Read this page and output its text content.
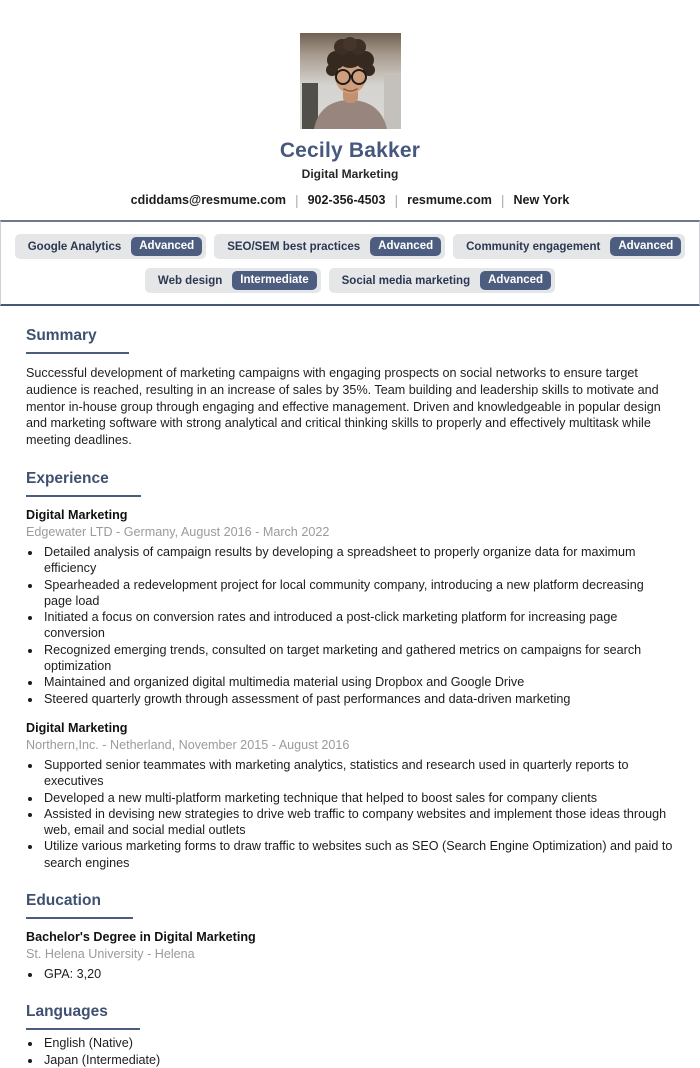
Cecily Bakker
Digital Marketing
cdiddams@resmume.com | 902-356-4503 | resmume.com | New York
Google Analytics	Advanced	SEO/SEM best practices	Advanced	Community engagement	Advanced
Web design	Intermediate	Social media marketing	Advanced
Summary

Successful development of marketing campaigns with engaging prospects on social networks to ensure target audience is reached, resulting in an increase of sales by 35%. Team building and leadership skills to motivate and mentor in-house group through engaging and effective management. Driven and knowledgeable in popular design and marketing software with strong analytical and critical thinking skills to properly and effectively multitask while meeting deadlines.

Experience
Digital Marketing
Edgewater LTD - Germany, August 2016 - March 2022
• Detailed analysis of campaign results by developing a spreadsheet to properly organize data for maximum efficiency
• Spearheaded a redevelopment project for local community company, introducing a new platform decreasing page load
• Initiated a focus on conversion rates and introduced a post-click marketing platform for increasing page conversion
• Recognized emerging trends, consulted on target marketing and gathered metrics on campaigns for search optimization
• Maintained and organized digital multimedia material using Dropbox and Google Drive
• Steered quarterly growth through assessment of past performances and data-driven marketing
Digital Marketing
Northern,Inc. - Netherland, November 2015 - August 2016
• Supported senior teammates with marketing analytics, statistics and research used in quarterly reports to executives
• Developed a new multi-platform marketing technique that helped to boost sales for company clients
• Assisted in devising new strategies to drive web traffic to company websites and implement those ideas through web, email and social medial outlets
• Utilize various marketing forms to draw traffic to websites such as SEO (Search Engine Optimization) and paid to search engines
Education
Bachelor's Degree in Digital Marketing
St. Helena University - Helena
• GPA: 3,20
Languages
• English (Native)
• Japan (Intermediate)
